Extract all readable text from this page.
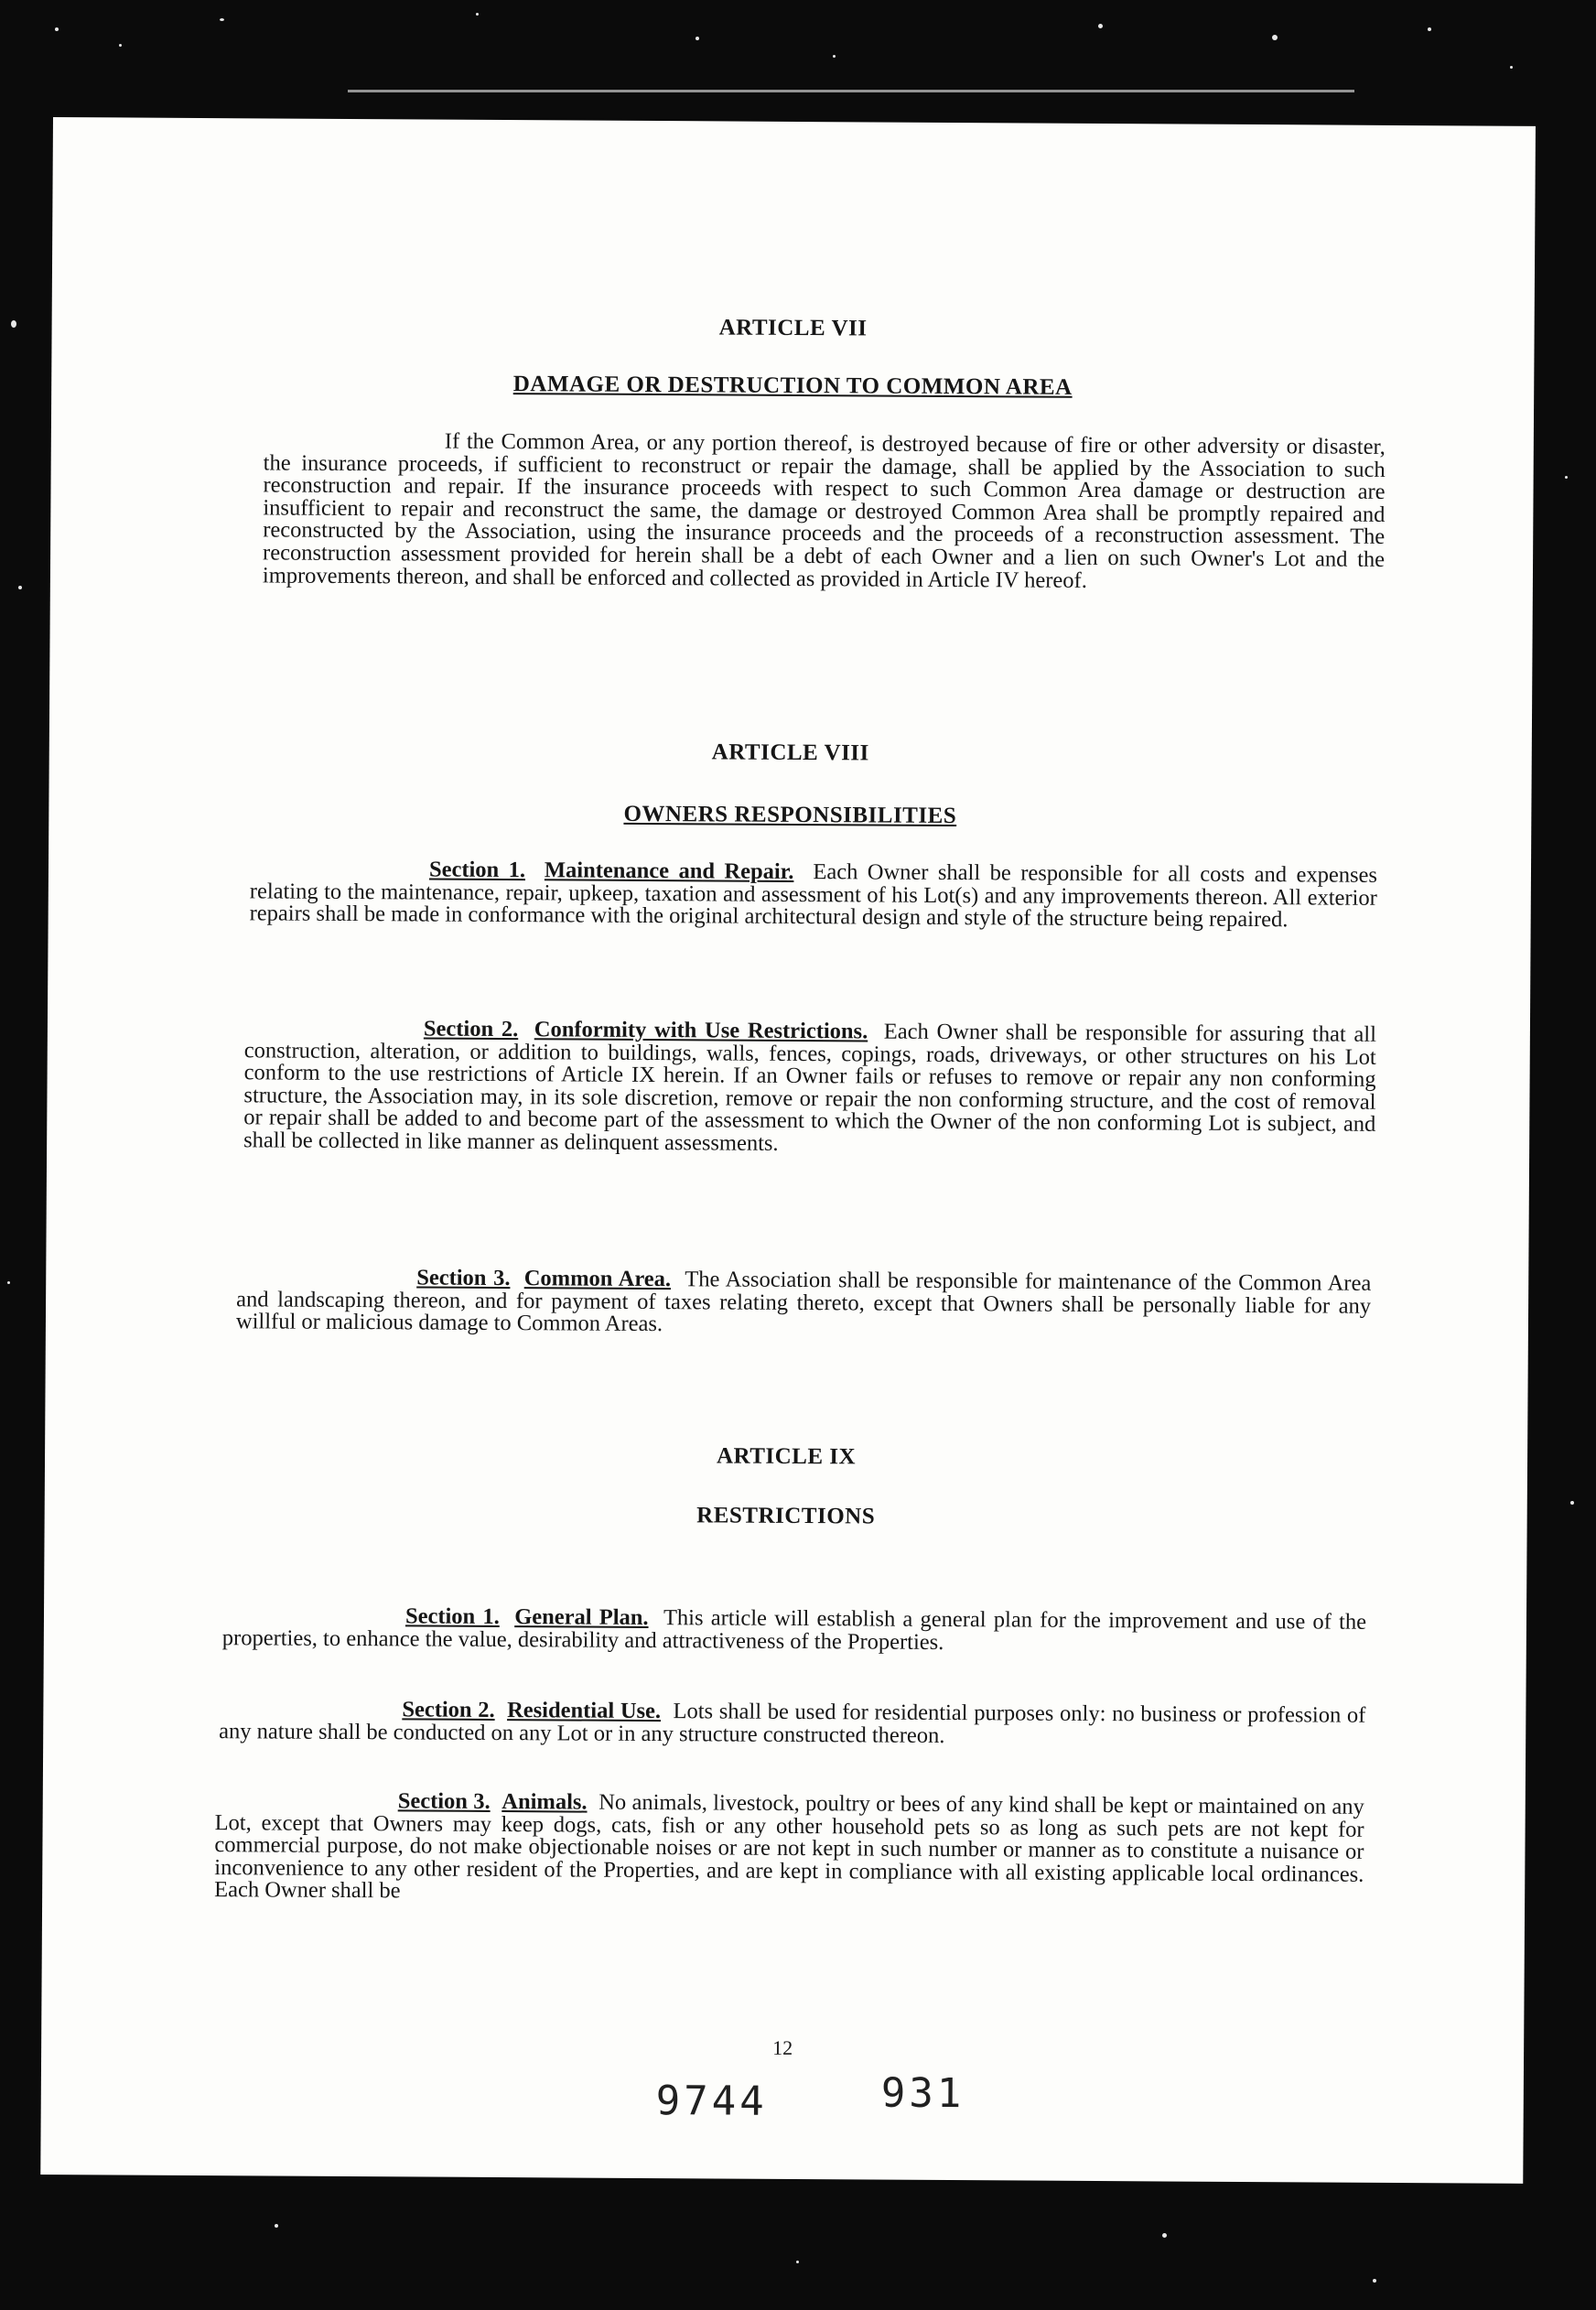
ARTICLE VII
DAMAGE OR DESTRUCTION TO COMMON AREA
If the Common Area, or any portion thereof, is destroyed because of fire or other adversity or disaster, the insurance proceeds, if sufficient to reconstruct or repair the damage, shall be applied by the Association to such reconstruction and repair. If the insurance proceeds with respect to such Common Area damage or destruction are insufficient to repair and reconstruct the same, the damage or destroyed Common Area shall be promptly repaired and reconstructed by the Association, using the insurance proceeds and the proceeds of a reconstruction assessment. The reconstruction assessment provided for herein shall be a debt of each Owner and a lien on such Owner's Lot and the improvements thereon, and shall be enforced and collected as provided in Article IV hereof.
ARTICLE VIII
OWNERS RESPONSIBILITIES
Section 1. Maintenance and Repair. Each Owner shall be responsible for all costs and expenses relating to the maintenance, repair, upkeep, taxation and assessment of his Lot(s) and any improvements thereon. All exterior repairs shall be made in conformance with the original architectural design and style of the structure being repaired.
Section 2. Conformity with Use Restrictions. Each Owner shall be responsible for assuring that all construction, alteration, or addition to buildings, walls, fences, copings, roads, driveways, or other structures on his Lot conform to the use restrictions of Article IX herein. If an Owner fails or refuses to remove or repair any non conforming structure, the Association may, in its sole discretion, remove or repair the non conforming structure, and the cost of removal or repair shall be added to and become part of the assessment to which the Owner of the non conforming Lot is subject, and shall be collected in like manner as delinquent assessments.
Section 3. Common Area. The Association shall be responsible for maintenance of the Common Area and landscaping thereon, and for payment of taxes relating thereto, except that Owners shall be personally liable for any willful or malicious damage to Common Areas.
ARTICLE IX
RESTRICTIONS
Section 1. General Plan. This article will establish a general plan for the improvement and use of the properties, to enhance the value, desirability and attractiveness of the Properties.
Section 2. Residential Use. Lots shall be used for residential purposes only: no business or profession of any nature shall be conducted on any Lot or in any structure constructed thereon.
Section 3. Animals. No animals, livestock, poultry or bees of any kind shall be kept or maintained on any Lot, except that Owners may keep dogs, cats, fish or any other household pets so as long as such pets are not kept for commercial purpose, do not make objectionable noises or are not kept in such number or manner as to constitute a nuisance or inconvenience to any other resident of the Properties, and are kept in compliance with all existing applicable local ordinances. Each Owner shall be
12
9744	931
